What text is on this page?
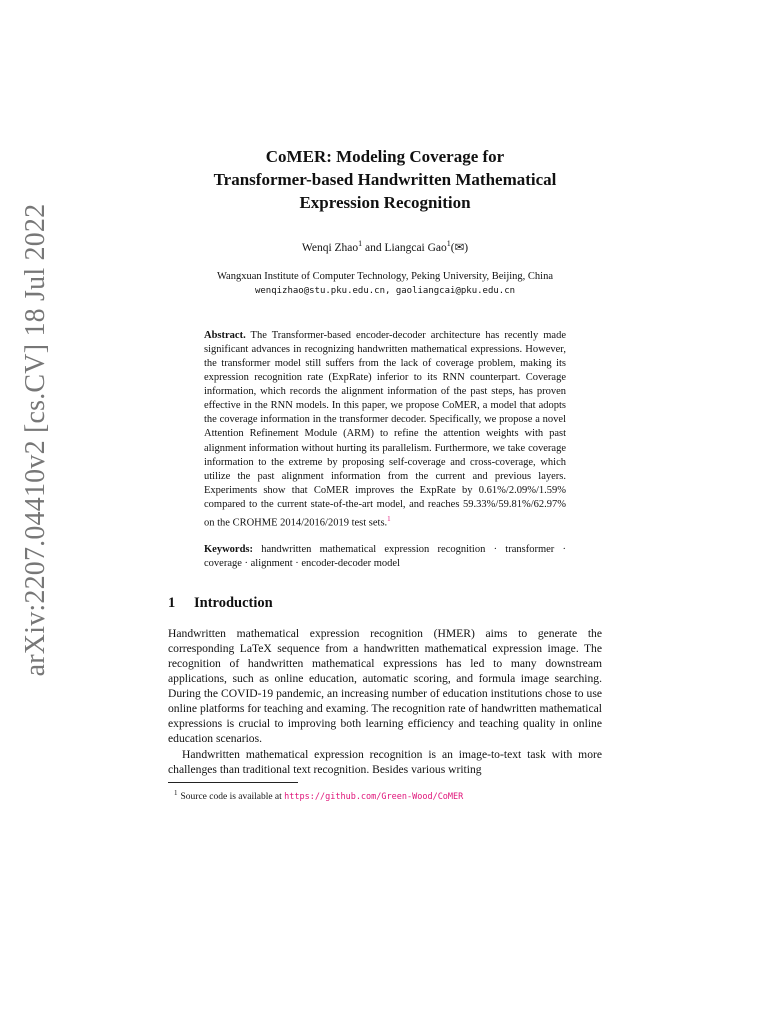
arXiv:2207.04410v2 [cs.CV] 18 Jul 2022
CoMER: Modeling Coverage for
Transformer-based Handwritten Mathematical
Expression Recognition
Wenqi Zhao$^1$ and Liangcai Gao$^1$(✉)
Wangxuan Institute of Computer Technology, Peking University, Beijing, China
wenqizhao@stu.pku.edu.cn, gaoliangcai@pku.edu.cn
Abstract. The Transformer-based encoder-decoder architecture has recently made significant advances in recognizing handwritten mathematical expressions. However, the transformer model still suffers from the lack of coverage problem, making its expression recognition rate (ExpRate) inferior to its RNN counterpart. Coverage information, which records the alignment information of the past steps, has proven effective in the RNN models. In this paper, we propose CoMER, a model that adopts the coverage information in the transformer decoder. Specifically, we propose a novel Attention Refinement Module (ARM) to refine the attention weights with past alignment information without hurting its parallelism. Furthermore, we take coverage information to the extreme by proposing self-coverage and cross-coverage, which utilize the past alignment information from the current and previous layers. Experiments show that CoMER improves the ExpRate by 0.61%/2.09%/1.59% compared to the current state-of-the-art model, and reaches 59.33%/59.81%/62.97% on the CROHME 2014/2016/2019 test sets.$^1$
Keywords: handwritten mathematical expression recognition · transformer · coverage · alignment · encoder-decoder model
1 Introduction

Handwritten mathematical expression recognition (HMER) aims to generate the corresponding LaTeX sequence from a handwritten mathematical expression image. The recognition of handwritten mathematical expressions has led to many downstream applications, such as online education, automatic scoring, and formula image searching. During the COVID-19 pandemic, an increasing number of education institutions chose to use online platforms for teaching and examing. The recognition rate of handwritten mathematical expressions is crucial to improving both learning efficiency and teaching quality in online education scenarios.

Handwritten mathematical expression recognition is an image-to-text task with more challenges than traditional text recognition. Besides various writing

$^1$ Source code is available at https://github.com/Green-Wood/CoMER
